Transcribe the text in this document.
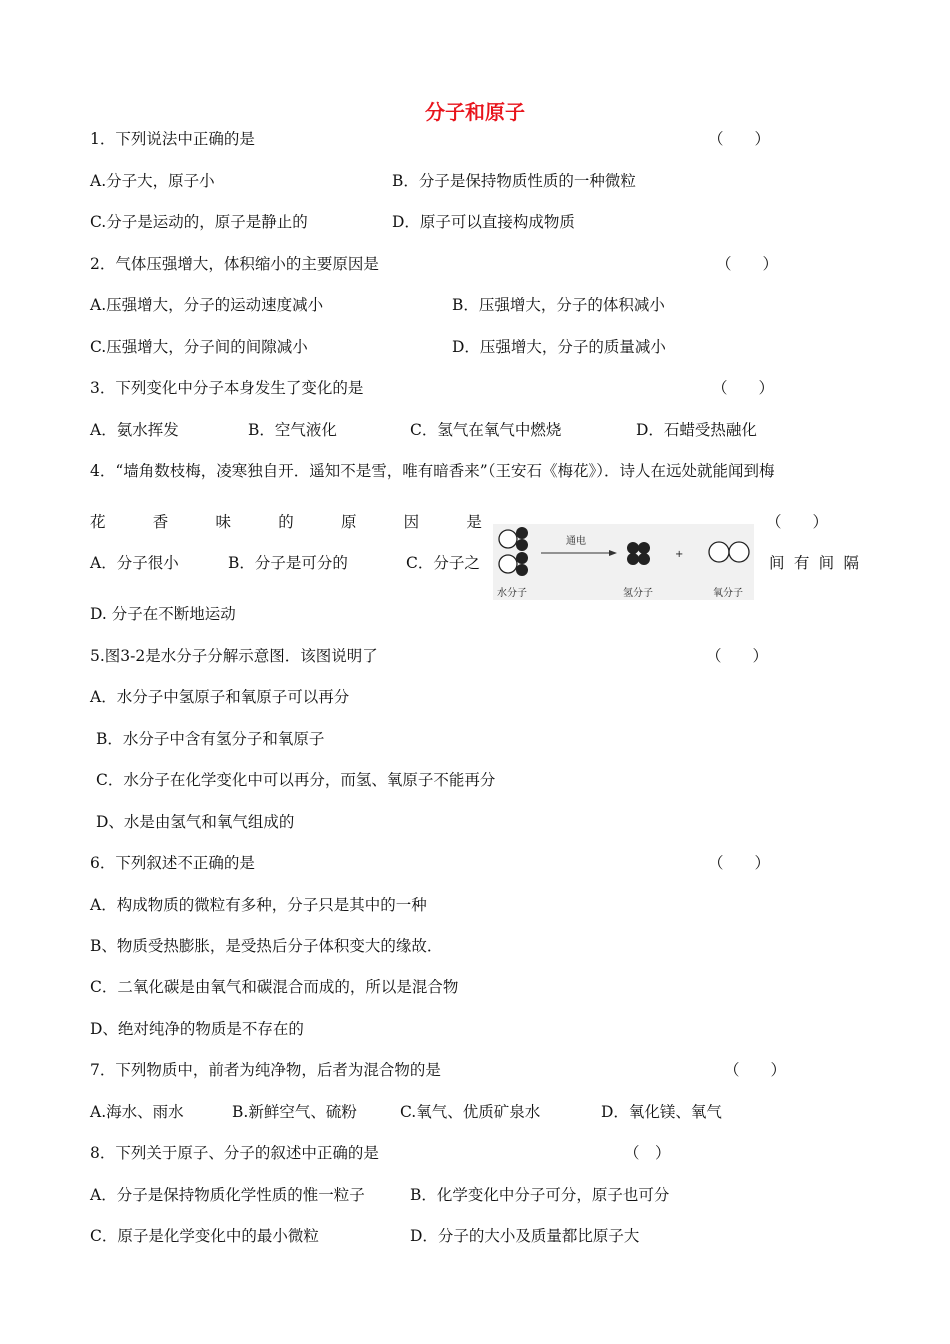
分子和原子
1．下列说法中正确的是	（　　）
A.分子大，原子小	B．分子是保持物质性质的一种微粒
C.分子是运动的，原子是静止的	D．原子可以直接构成物质
2．气体压强增大，体积缩小的主要原因是	（　　）
A.压强增大，分子的运动速度减小	B．压强增大，分子的体积减小
C.压强增大，分子间的间隙减小	D．压强增大，分子的质量减小
3．下列变化中分子本身发生了变化的是	（　　）
A．氨水挥发	B．空气液化	C．氢气在氧气中燃烧	D．石蜡受热融化
4．“墙角数枝梅，凌寒独自开．遥知不是雪，唯有暗香来”（王安石《梅花》）．诗人在远处就能闻到梅
花	香	味	的	原	因	是	（　　）
A．分子很小	B．分子是可分的	C．分子之	间 有 间 隔
D. 分子在不断地运动
通电
+
水分子	氢分子	氧分子
5.图3-2是水分子分解示意图．该图说明了	（　　）
A．水分子中氢原子和氧原子可以再分
B．水分子中含有氢分子和氧原子
C．水分子在化学变化中可以再分，而氢、氧原子不能再分
D、水是由氢气和氧气组成的
6．下列叙述不正确的是	（　　）
A．构成物质的微粒有多种，分子只是其中的一种
B、物质受热膨胀，是受热后分子体积变大的缘故．
C．二氧化碳是由氧气和碳混合而成的，所以是混合物
D、绝对纯净的物质是不存在的
7．下列物质中，前者为纯净物，后者为混合物的是	（　　）
A.海水、雨水	B.新鲜空气、硫粉	C.氧气、优质矿泉水	D．氧化镁、氧气
8．下列关于原子、分子的叙述中正确的是	（　）
A．分子是保持物质化学性质的惟一粒子	B．化学变化中分子可分，原子也可分
C．原子是化学变化中的最小微粒	D．分子的大小及质量都比原子大
